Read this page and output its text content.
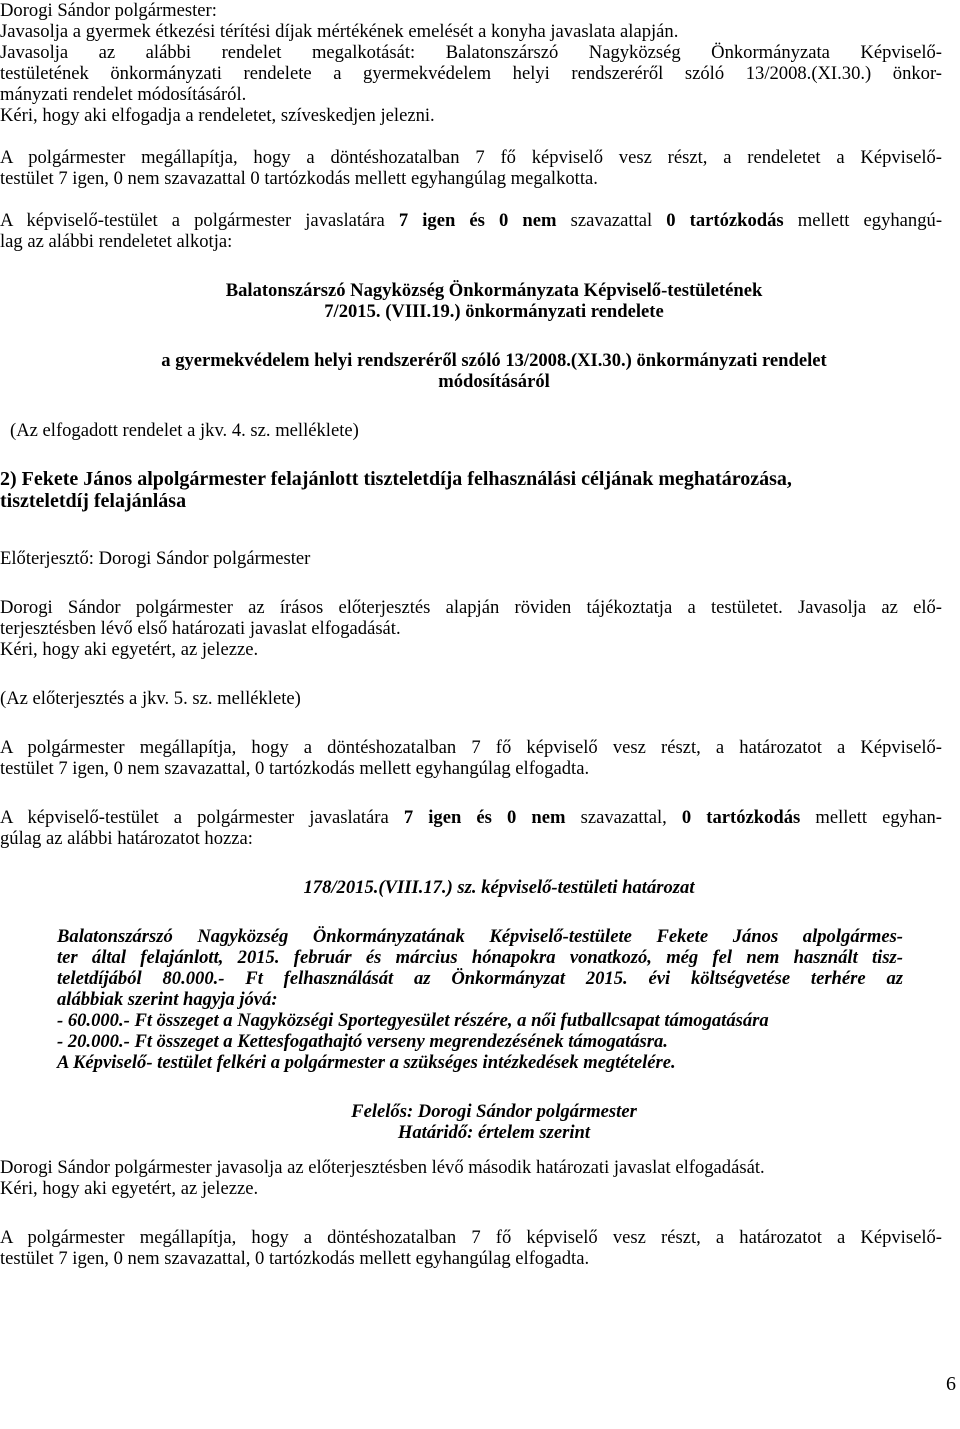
Dorogi Sándor polgármester:
Javasolja a gyermek étkezési térítési díjak mértékének emelését a konyha javaslata alapján.
Javasolja az alábbi rendelet megalkotását: Balatonszárszó Nagyközség Önkormányzata Képviselő-
testületének önkormányzati rendelete a gyermekvédelem helyi rendszeréről szóló 13/2008.(XI.30.) önkor-
mányzati rendelet módosításáról.
Kéri, hogy aki elfogadja a rendeletet, szíveskedjen jelezni.
A polgármester megállapítja, hogy a döntéshozatalban 7 fő képviselő vesz részt, a rendeletet a Képviselő-
testület 7 igen, 0 nem szavazattal 0 tartózkodás mellett egyhangúlag megalkotta.
A képviselő-testület a polgármester javaslatára 7 igen és 0 nem szavazattal 0 tartózkodás mellett egyhangú-
lag az alábbi rendeletet alkotja:
Balatonszárszó Nagyközség Önkormányzata Képviselő-testületének
7/2015. (VIII.19.) önkormányzati rendelete
a gyermekvédelem helyi rendszeréről szóló 13/2008.(XI.30.) önkormányzati rendelet
módosításáról
(Az elfogadott rendelet a jkv. 4. sz. melléklete)
2) Fekete János alpolgármester felajánlott tiszteletdíja felhasználási céljának meghatározása,
tiszteletdíj felajánlása
Előterjesztő: Dorogi Sándor polgármester
Dorogi Sándor polgármester az írásos előterjesztés alapján röviden tájékoztatja a testületet. Javasolja az elő-
terjesztésben lévő első határozati javaslat elfogadását.
Kéri, hogy aki egyetért, az jelezze.
(Az előterjesztés a jkv. 5. sz. melléklete)
A polgármester megállapítja, hogy a döntéshozatalban 7 fő képviselő vesz részt, a határozatot a Képviselő-
testület 7 igen, 0 nem szavazattal, 0 tartózkodás mellett egyhangúlag elfogadta.
A képviselő-testület a polgármester javaslatára 7 igen és 0 nem szavazattal, 0 tartózkodás mellett egyhan-
gúlag az alábbi határozatot hozza:
178/2015.(VIII.17.) sz. képviselő-testületi határozat
Balatonszárszó Nagyközség Önkormányzatának Képviselő-testülete Fekete János alpolgármes-
ter által felajánlott, 2015. február és március hónapokra vonatkozó, még fel nem használt tisz-
teletdíjából 80.000.- Ft felhasználását az Önkormányzat 2015. évi költségvetése terhére az
alábbiak szerint hagyja jóvá:
- 60.000.- Ft összeget a Nagyközségi Sportegyesület részére, a női futballcsapat támogatására
- 20.000.- Ft összeget a Kettesfogathajtó verseny megrendezésének támogatásra.
A Képviselő- testület felkéri a polgármester a szükséges intézkedések megtételére.
Felelős: Dorogi Sándor polgármester
Határidő: értelem szerint
Dorogi Sándor polgármester javasolja az előterjesztésben lévő második határozati javaslat elfogadását.
Kéri, hogy aki egyetért, az jelezze.
A polgármester megállapítja, hogy a döntéshozatalban 7 fő képviselő vesz részt, a határozatot a Képviselő-
testület 7 igen, 0 nem szavazattal, 0 tartózkodás mellett egyhangúlag elfogadta.
6
